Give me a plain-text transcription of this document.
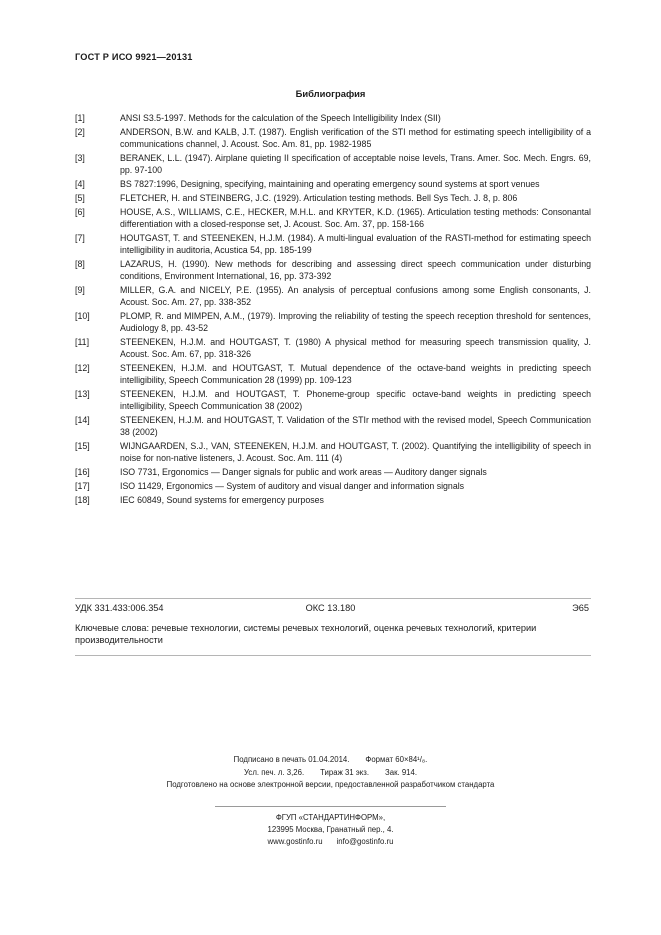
ГОСТ Р ИСО 9921—20131
Библиография
[1]	ANSI S3.5-1997. Methods for the calculation of the Speech Intelligibility Index (SII)
[2]	ANDERSON, B.W. and KALB, J.T. (1987). English verification of the STI method for estimating speech intelligibility of a communications channel, J. Acoust. Soc. Am. 81, pp. 1982-1985
[3]	BERANEK, L.L. (1947). Airplane quieting II specification of acceptable noise levels, Trans. Amer. Soc. Mech. Engrs. 69, pp. 97-100
[4]	BS 7827:1996, Designing, specifying, maintaining and operating emergency sound systems at sport venues
[5]	FLETCHER, H. and STEINBERG, J.C. (1929). Articulation testing methods. Bell Sys Tech. J. 8, p. 806
[6]	HOUSE, A.S., WILLIAMS, C.E., HECKER, M.H.L. and KRYTER, K.D. (1965). Articulation testing methods: Consonantal differentiation with a closed-response set, J. Acoust. Soc. Am. 37, pp. 158-166
[7]	HOUTGAST, T. and STEENEKEN, H.J.M. (1984). A multi-lingual evaluation of the RASTI-method for estimating speech intelligibility in auditoria, Acustica 54, pp. 185-199
[8]	LAZARUS, H. (1990). New methods for describing and assessing direct speech communication under disturbing conditions, Environment International, 16, pp. 373-392
[9]	MILLER, G.A. and NICELY, P.E. (1955). An analysis of perceptual confusions among some English consonants, J. Acoust. Soc. Am. 27, pp. 338-352
[10]	PLOMP, R. and MIMPEN, A.M., (1979). Improving the reliability of testing the speech reception threshold for sentences, Audiology 8, pp. 43-52
[11]	STEENEKEN, H.J.M. and HOUTGAST, T. (1980) A physical method for measuring speech transmission quality, J. Acoust. Soc. Am. 67, pp. 318-326
[12]	STEENEKEN, H.J.M. and HOUTGAST, T. Mutual dependence of the octave-band weights in predicting speech intelligibility, Speech Communication 28 (1999) pp. 109-123
[13]	STEENEKEN, H.J.M. and HOUTGAST, T. Phoneme-group specific octave-band weights in predicting speech intelligibility, Speech Communication 38 (2002)
[14]	STEENEKEN, H.J.M. and HOUTGAST, T. Validation of the STIr method with the revised model, Speech Communication 38 (2002)
[15]	WIJNGAARDEN, S.J., VAN, STEENEKEN, H.J.M. and HOUTGAST, T. (2002). Quantifying the intelligibility of speech in noise for non-native listeners, J. Acoust. Soc. Am. 111 (4)
[16]	ISO 7731, Ergonomics — Danger signals for public and work areas — Auditory danger signals
[17]	ISO 11429, Ergonomics — System of auditory and visual danger and information signals
[18]	IEC 60849, Sound systems for emergency purposes
УДК 331.433:006.354	ОКС 13.180	Э65
Ключевые слова: речевые технологии, системы речевых технологий, оценка речевых технологий, критерии производительности
Подписано в печать 01.04.2014. Формат 60×84¹/₈.
Усл. печ. л. 3,26. Тираж 31 экз. Зак. 914.
Подготовлено на основе электронной версии, предоставленной разработчиком стандарта
ФГУП «СТАНДАРТИНФОРМ»,
123995 Москва, Гранатный пер., 4.
www.gostinfo.ru info@gostinfo.ru
